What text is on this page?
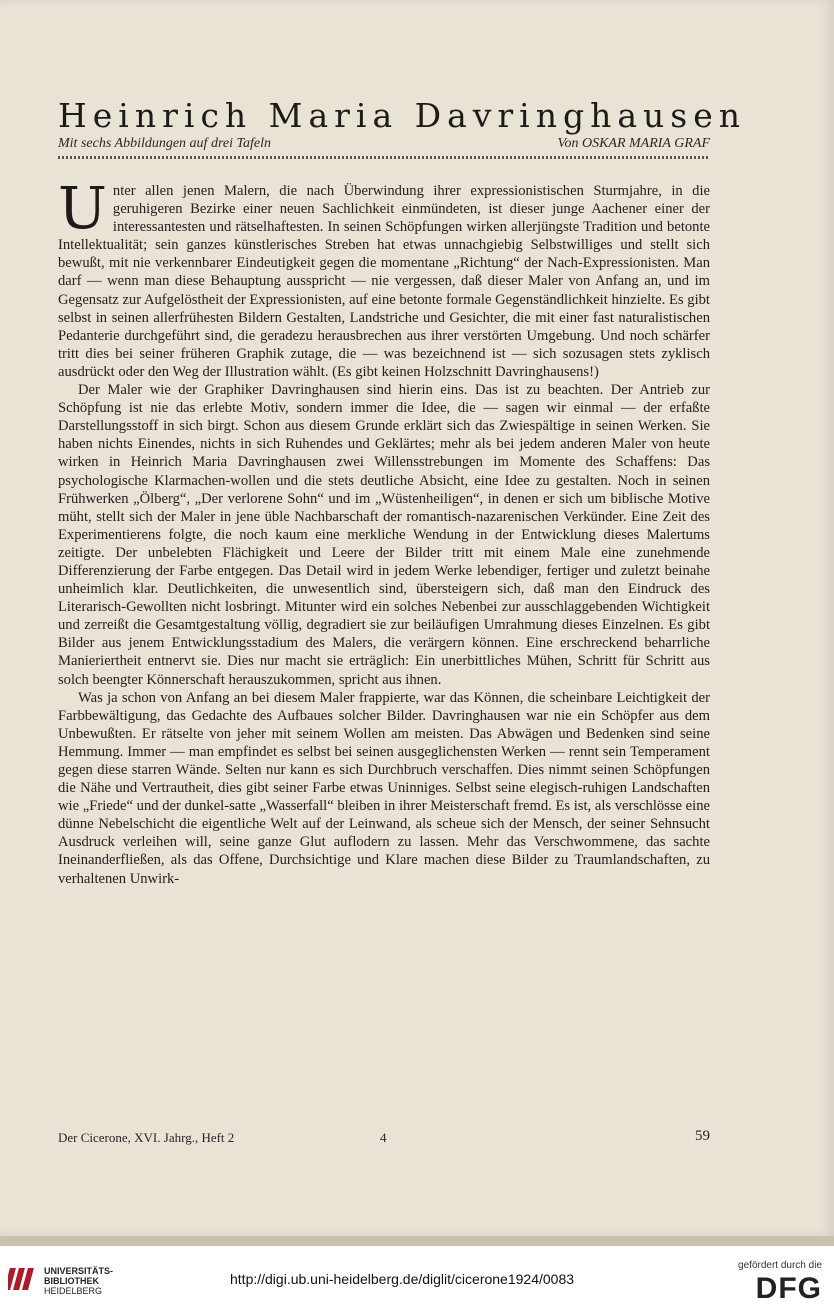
Heinrich Maria Davringhausen
Mit sechs Abbildungen auf drei Tafeln	Von OSKAR MARIA GRAF

Unter allen jenen Malern, die nach Überwindung ihrer expressionistischen Sturmjahre, in die geruhigeren Bezirke einer neuen Sachlichkeit einmündeten, ist dieser junge Aachener einer der interessantesten und rätselhaftesten. In seinen Schöpfungen wirken allerjüngste Tradition und betonte Intellektualität; sein ganzes künstlerisches Streben hat etwas unnachgiebig Selbstwilliges und stellt sich bewußt, mit nie verkennbarer Eindeutigkeit gegen die momentane „Richtung“ der Nach-Expressionisten. Man darf — wenn man diese Behauptung ausspricht — nie vergessen, daß dieser Maler von Anfang an, und im Gegensatz zur Aufgelöstheit der Expressionisten, auf eine betonte formale Gegenständlichkeit hinzielte. Es gibt selbst in seinen allerfrühesten Bildern Gestalten, Landstriche und Gesichter, die mit einer fast naturalistischen Pedanterie durchgeführt sind, die geradezu herausbrechen aus ihrer verstörten Umgebung. Und noch schärfer tritt dies bei seiner früheren Graphik zutage, die — was bezeichnend ist — sich sozusagen stets zyklisch ausdrückt oder den Weg der Illustration wählt. (Es gibt keinen Holzschnitt Davringhausens!)

Der Maler wie der Graphiker Davringhausen sind hierin eins. Das ist zu beachten. Der Antrieb zur Schöpfung ist nie das erlebte Motiv, sondern immer die Idee, die — sagen wir einmal — der erfaßte Darstellungsstoff in sich birgt. Schon aus diesem Grunde erklärt sich das Zwiespältige in seinen Werken. Sie haben nichts Einendes, nichts in sich Ruhendes und Geklärtes; mehr als bei jedem anderen Maler von heute wirken in Heinrich Maria Davringhausen zwei Willensstrebungen im Momente des Schaffens: Das psychologische Klarmachen-wollen und die stets deutliche Absicht, eine Idee zu gestalten. Noch in seinen Frühwerken „Ölberg“, „Der verlorene Sohn“ und im „Wüstenheiligen“, in denen er sich um biblische Motive müht, stellt sich der Maler in jene üble Nachbarschaft der romantisch-nazarenischen Verkünder. Eine Zeit des Experimentierens folgte, die noch kaum eine merkliche Wendung in der Entwicklung dieses Malertums zeitigte. Der unbelebten Flächigkeit und Leere der Bilder tritt mit einem Male eine zunehmende Differenzierung der Farbe entgegen. Das Detail wird in jedem Werke lebendiger, fertiger und zuletzt beinahe unheimlich klar. Deutlichkeiten, die unwesentlich sind, übersteigern sich, daß man den Eindruck des Literarisch-Gewollten nicht losbringt. Mitunter wird ein solches Nebenbei zur ausschlaggebenden Wichtigkeit und zerreißt die Gesamtgestaltung völlig, degradiert sie zur beiläufigen Umrahmung dieses Einzelnen. Es gibt Bilder aus jenem Entwicklungsstadium des Malers, die verärgern können. Eine erschreckend beharrliche Manieriertheit entnervt sie. Dies nur macht sie erträglich: Ein unerbittliches Mühen, Schritt für Schritt aus solch beengter Könnerschaft herauszukommen, spricht aus ihnen.

Was ja schon von Anfang an bei diesem Maler frappierte, war das Können, die scheinbare Leichtigkeit der Farbbewältigung, das Gedachte des Aufbaues solcher Bilder. Davringhausen war nie ein Schöpfer aus dem Unbewußten. Er rätselte von jeher mit seinem Wollen am meisten. Das Abwägen und Bedenken sind seine Hemmung. Immer — man empfindet es selbst bei seinen ausgeglichensten Werken — rennt sein Temperament gegen diese starren Wände. Selten nur kann es sich Durchbruch verschaffen. Dies nimmt seinen Schöpfungen die Nähe und Vertrautheit, dies gibt seiner Farbe etwas Uninniges. Selbst seine elegisch-ruhigen Landschaften wie „Friede“ und der dunkel-satte „Wasserfall“ bleiben in ihrer Meisterschaft fremd. Es ist, als verschlösse eine dünne Nebelschicht die eigentliche Welt auf der Leinwand, als scheue sich der Mensch, der seiner Sehnsucht Ausdruck verleihen will, seine ganze Glut auflodern zu lassen. Mehr das Verschwommene, das sachte Ineinanderfließen, als das Offene, Durchsichtige und Klare machen diese Bilder zu Traumlandschaften, zu verhaltenen Unwirk-

Der Cicerone, XVI. Jahrg., Heft 2	4	59
UNIVERSITÄTS-
BIBLIOTHEK
HEIDELBERG
http://digi.ub.uni-heidelberg.de/diglit/cicerone1924/0083
gefördert durch die
DFG
